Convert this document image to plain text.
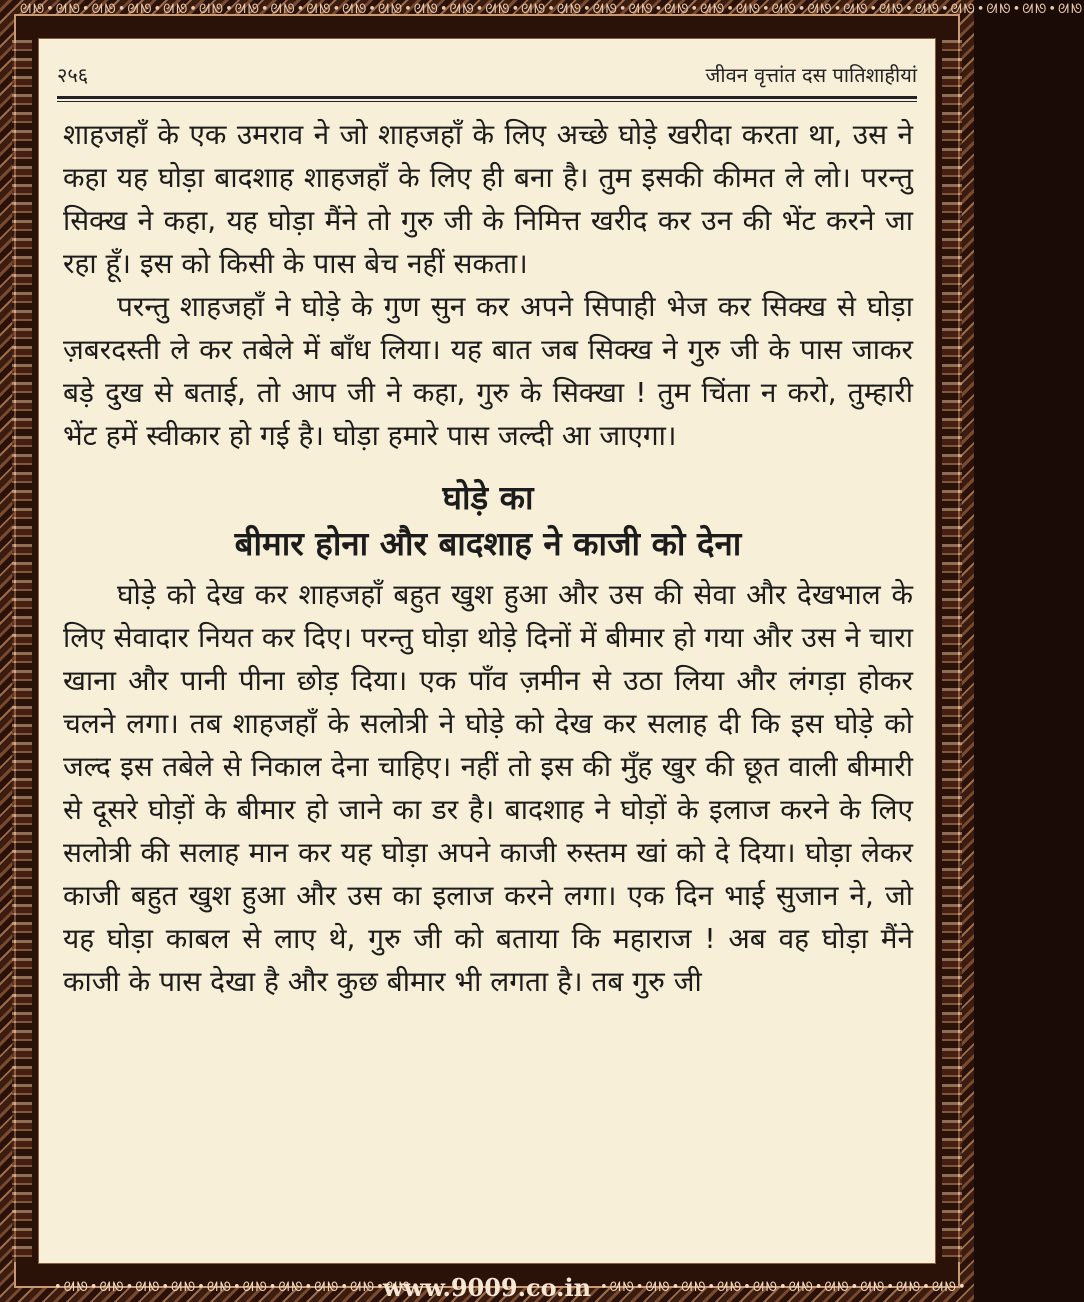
ᘛᘚ•ᘛᘚ•ᘛᘚ•ᘛᘚ•ᘛᘚ•ᘛᘚ•ᘛᘚ•ᘛᘚ•ᘛᘚ•ᘛᘚ•ᘛᘚ•ᘛᘚ•ᘛᘚ•ᘛᘚ•ᘛᘚ•ᘛᘚ•ᘛᘚ•ᘛᘚ•ᘛᘚ•ᘛᘚ•ᘛᘚ•ᘛᘚ•ᘛᘚ•ᘛᘚ•ᘛᘚ•ᘛᘚ•ᘛᘚ•ᘛᘚ•ᘛᘚ•ᘛᘚ
२५६	जीवन वृत्तांत दस पातिशाहीयां

शाहजहाँ के एक उमराव ने जो शाहजहाँ के लिए अच्छे घोड़े खरीदा करता था, उस ने कहा यह घोड़ा बादशाह शाहजहाँ के लिए ही बना है। तुम इसकी कीमत ले लो। परन्तु सिक्ख ने कहा, यह घोड़ा मैंने तो गुरु जी के निमित्त खरीद कर उन की भेंट करने जा रहा हूँ। इस को किसी के पास बेच नहीं सकता।

परन्तु शाहजहाँ ने घोड़े के गुण सुन कर अपने सिपाही भेज कर सिक्ख से घोड़ा ज़बरदस्ती ले कर तबेले में बाँध लिया। यह बात जब सिक्ख ने गुरु जी के पास जाकर बड़े दुख से बताई, तो आप जी ने कहा, गुरु के सिक्खा ! तुम चिंता न करो, तुम्हारी भेंट हमें स्वीकार हो गई है। घोड़ा हमारे पास जल्दी आ जाएगा।

घोड़े का
बीमार होना और बादशाह ने काजी को देना

घोड़े को देख कर शाहजहाँ बहुत खुश हुआ और उस की सेवा और देखभाल के लिए सेवादार नियत कर दिए। परन्तु घोड़ा थोड़े दिनों में बीमार हो गया और उस ने चारा खाना और पानी पीना छोड़ दिया। एक पाँव ज़मीन से उठा लिया और लंगड़ा होकर चलने लगा। तब शाहजहाँ के सलोत्री ने घोड़े को देख कर सलाह दी कि इस घोड़े को जल्द इस तबेले से निकाल देना चाहिए। नहीं तो इस की मुँह खुर की छूत वाली बीमारी से दूसरे घोड़ों के बीमार हो जाने का डर है। बादशाह ने घोड़ों के इलाज करने के लिए सलोत्री की सलाह मान कर यह घोड़ा अपने काजी रुस्तम खां को दे दिया। घोड़ा लेकर काजी बहुत खुश हुआ और उस का इलाज करने लगा। एक दिन भाई सुजान ने, जो यह घोड़ा काबल से लाए थे, गुरु जी को बताया कि महाराज ! अब वह घोड़ा मैंने काजी के पास देखा है और कुछ बीमार भी लगता है। तब गुरु जी

•ᘛᘚ•ᘛᘚ•ᘛᘚ•ᘛᘚ•ᘛᘚ•ᘛᘚ•ᘛᘚ•ᘛᘚ•ᘛᘚ•ᘛᘚ•
www.9009.co.in •ᘛᘚ•ᘛᘚ•ᘛᘚ•ᘛᘚ•ᘛᘚ•ᘛᘚ•ᘛᘚ•ᘛᘚ•ᘛᘚ•ᘛᘚ•
